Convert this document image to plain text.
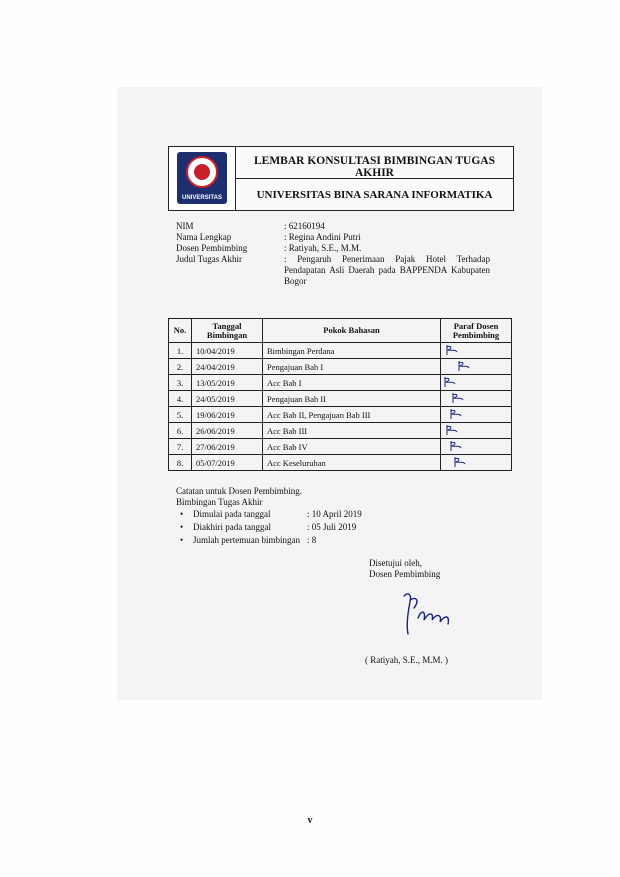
UNIVERSITAS
LEMBAR KONSULTASI BIMBINGAN TUGAS AKHIR
UNIVERSITAS BINA SARANA INFORMATIKA
NIM	: 62160194
Nama Lengkap	: Regina Andini Putri
Dosen Pembimbing	: Ratiyah, S.E., M.M.
Judul Tugas Akhir	: Pengaruh Penerimaan Pajak Hotel Terhadap Pendapatan Asli Daerah pada BAPPENDA Kabupaten Bogor
No.	Tanggal Bimbingan	Pokok Bahasan	Paraf Dosen Pembimbing
1.	10/04/2019	Bimbingan Perdana	

2.	24/04/2019	Pengajuan Bab I	

3.	13/05/2019	Acc Bab I	

4.	24/05/2019	Pengajuan Bab II	

5.	19/06/2019	Acc Bab II, Pengajuan Bab III	

6.	26/06/2019	Acc Bab III	

7.	27/06/2019	Acc Bab IV	

8.	05/07/2019	Acc Keseluruhan	
Catatan untuk Dosen Pembimbing.
Bimbingan Tugas Akhir
• Dimulai pada tanggal	: 10 April 2019
• Diakhiri pada tanggal	: 05 Juli 2019
• Jumlah pertemuan bimbingan : 8
Disetujui oleh,
Dosen Pembimbing
( Ratiyah, S.E., M.M. )
v
